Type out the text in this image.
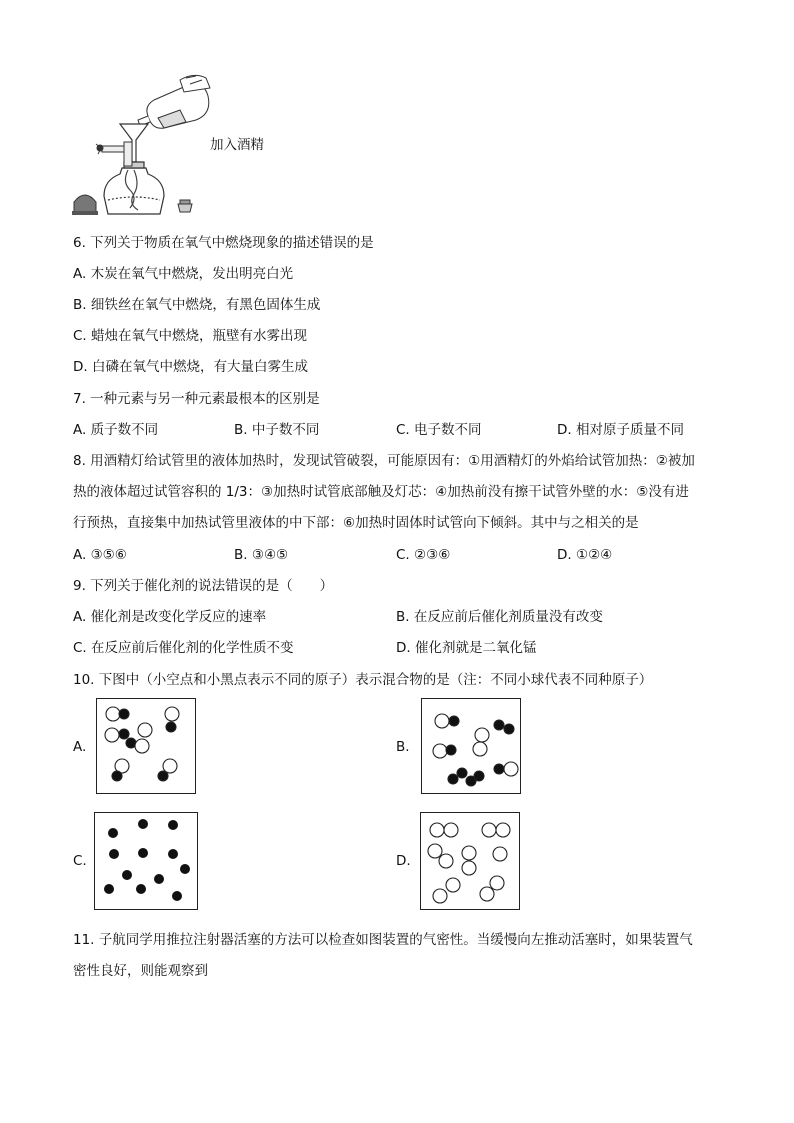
加入酒精
6. 下列关于物质在氧气中燃烧现象的描述错误的是
A. 木炭在氧气中燃烧，发出明亮白光
B. 细铁丝在氧气中燃烧，有黑色固体生成
C. 蜡烛在氧气中燃烧，瓶壁有水雾出现
D. 白磷在氧气中燃烧，有大量白雾生成
7. 一种元素与另一种元素最根本的区别是
A. 质子数不同	B. 中子数不同	C. 电子数不同	D. 相对原子质量不同
8. 用酒精灯给试管里的液体加热时，发现试管破裂，可能原因有：①用酒精灯的外焰给试管加热：②被加
热的液体超过试管容积的 1/3：③加热时试管底部触及灯芯：④加热前没有擦干试管外壁的水：⑤没有进
行预热，直接集中加热试管里液体的中下部：⑥加热时固体时试管向下倾斜。其中与之相关的是
A. ③⑤⑥	B. ③④⑤	C. ②③⑥	D. ①②④
9. 下列关于催化剂的说法错误的是（　　）
A. 催化剂是改变化学反应的速率	B. 在反应前后催化剂质量没有改变
C. 在反应前后催化剂的化学性质不变	D. 催化剂就是二氧化锰
10. 下图中（小空点和小黑点表示不同的原子）表示混合物的是（注：不同小球代表不同种原子）
A.	B.
C.	D.
11. 子航同学用推拉注射器活塞的方法可以检查如图装置的气密性。当缓慢向左推动活塞时，如果装置气
密性良好，则能观察到
